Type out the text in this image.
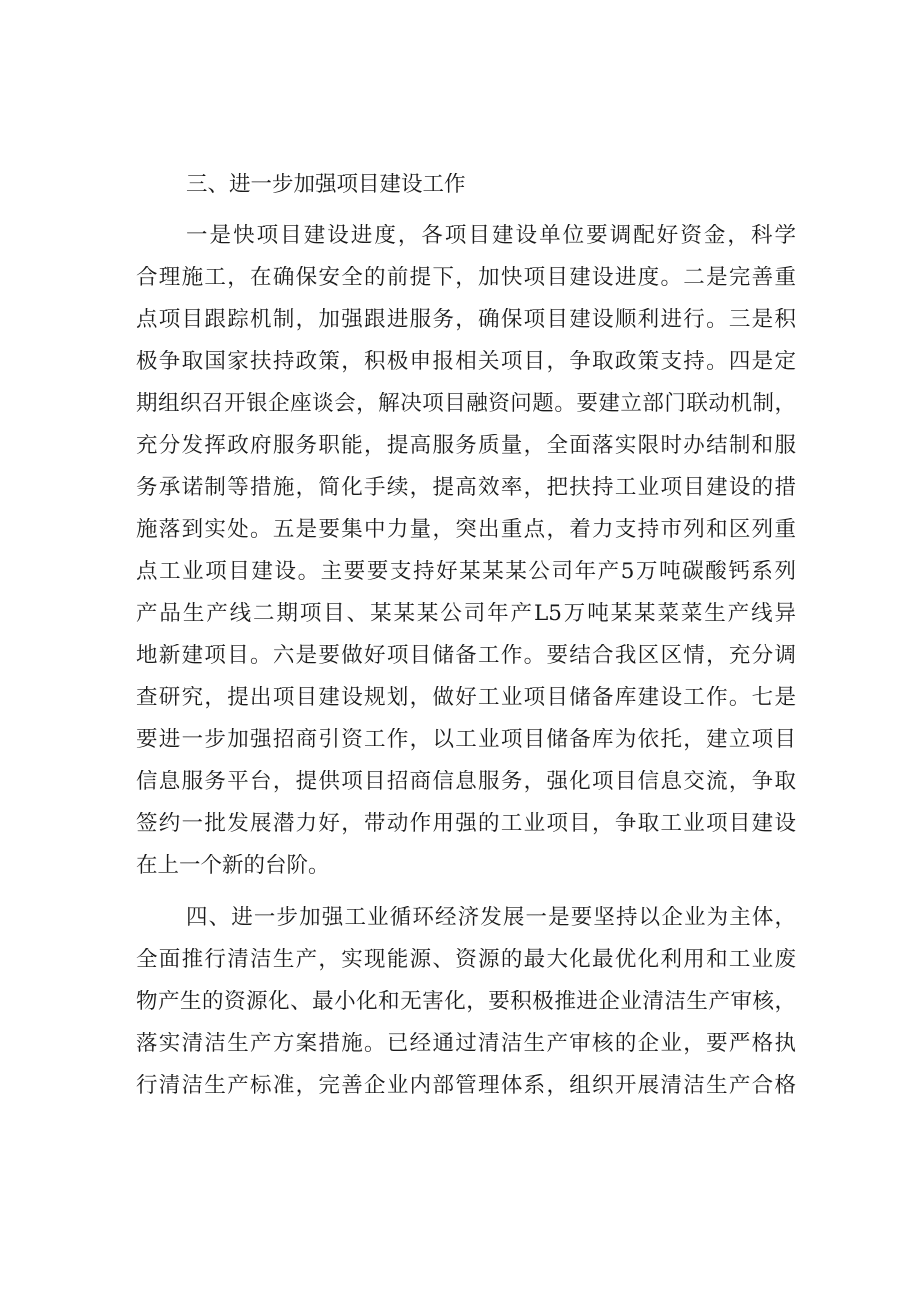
三、进一步加强项目建设工作
一是快项目建设进度，各项目建设单位要调配好资金，科学
合理施工，在确保安全的前提下，加快项目建设进度。二是完善重
点项目跟踪机制，加强跟进服务，确保项目建设顺利进行。三是积
极争取国家扶持政策，积极申报相关项目，争取政策支持。四是定
期组织召开银企座谈会，解决项目融资问题。要建立部门联动机制，
充分发挥政府服务职能，提高服务质量，全面落实限时办结制和服
务承诺制等措施，简化手续，提高效率，把扶持工业项目建设的措
施落到实处。五是要集中力量，突出重点，着力支持市列和区列重
点工业项目建设。主要要支持好某某某公司年产5万吨碳酸钙系列
产品生产线二期项目、某某某公司年产L5万吨某某菜菜生产线异
地新建项目。六是要做好项目储备工作。要结合我区区情，充分调
查研究，提出项目建设规划，做好工业项目储备库建设工作。七是
要进一步加强招商引资工作，以工业项目储备库为依托，建立项目
信息服务平台，提供项目招商信息服务，强化项目信息交流，争取
签约一批发展潜力好，带动作用强的工业项目，争取工业项目建设
在上一个新的台阶。
四、进一步加强工业循环经济发展一是要坚持以企业为主体，
全面推行清洁生产，实现能源、资源的最大化最优化利用和工业废
物产生的资源化、最小化和无害化，要积极推进企业清洁生产审核，
落实清洁生产方案措施。已经通过清洁生产审核的企业，要严格执
行清洁生产标准，完善企业内部管理体系，组织开展清洁生产合格
